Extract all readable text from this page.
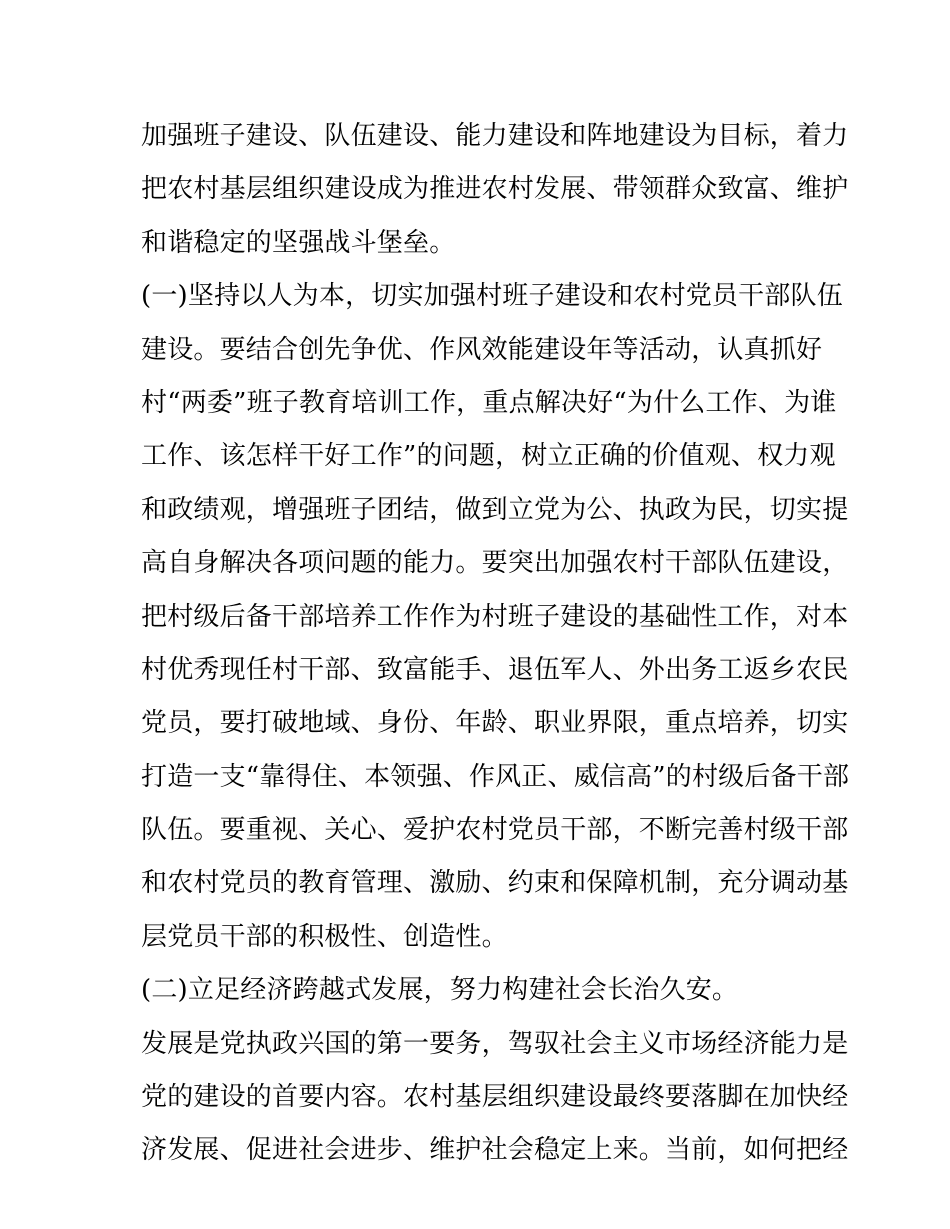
加强班子建设、队伍建设、能力建设和阵地建设为目标，着力
把农村基层组织建设成为推进农村发展、带领群众致富、维护
和谐稳定的坚强战斗堡垒。
(一)坚持以人为本，切实加强村班子建设和农村党员干部队伍
建设。要结合创先争优、作风效能建设年等活动，认真抓好
村“两委”班子教育培训工作，重点解决好“为什么工作、为谁
工作、该怎样干好工作”的问题，树立正确的价值观、权力观
和政绩观，增强班子团结，做到立党为公、执政为民，切实提
高自身解决各项问题的能力。要突出加强农村干部队伍建设，
把村级后备干部培养工作作为村班子建设的基础性工作，对本
村优秀现任村干部、致富能手、退伍军人、外出务工返乡农民
党员，要打破地域、身份、年龄、职业界限，重点培养，切实
打造一支“靠得住、本领强、作风正、威信高”的村级后备干部
队伍。要重视、关心、爱护农村党员干部，不断完善村级干部
和农村党员的教育管理、激励、约束和保障机制，充分调动基
层党员干部的积极性、创造性。
(二)立足经济跨越式发展，努力构建社会长治久安。
发展是党执政兴国的第一要务，驾驭社会主义市场经济能力是
党的建设的首要内容。农村基层组织建设最终要落脚在加快经
济发展、促进社会进步、维护社会稳定上来。当前，如何把经
